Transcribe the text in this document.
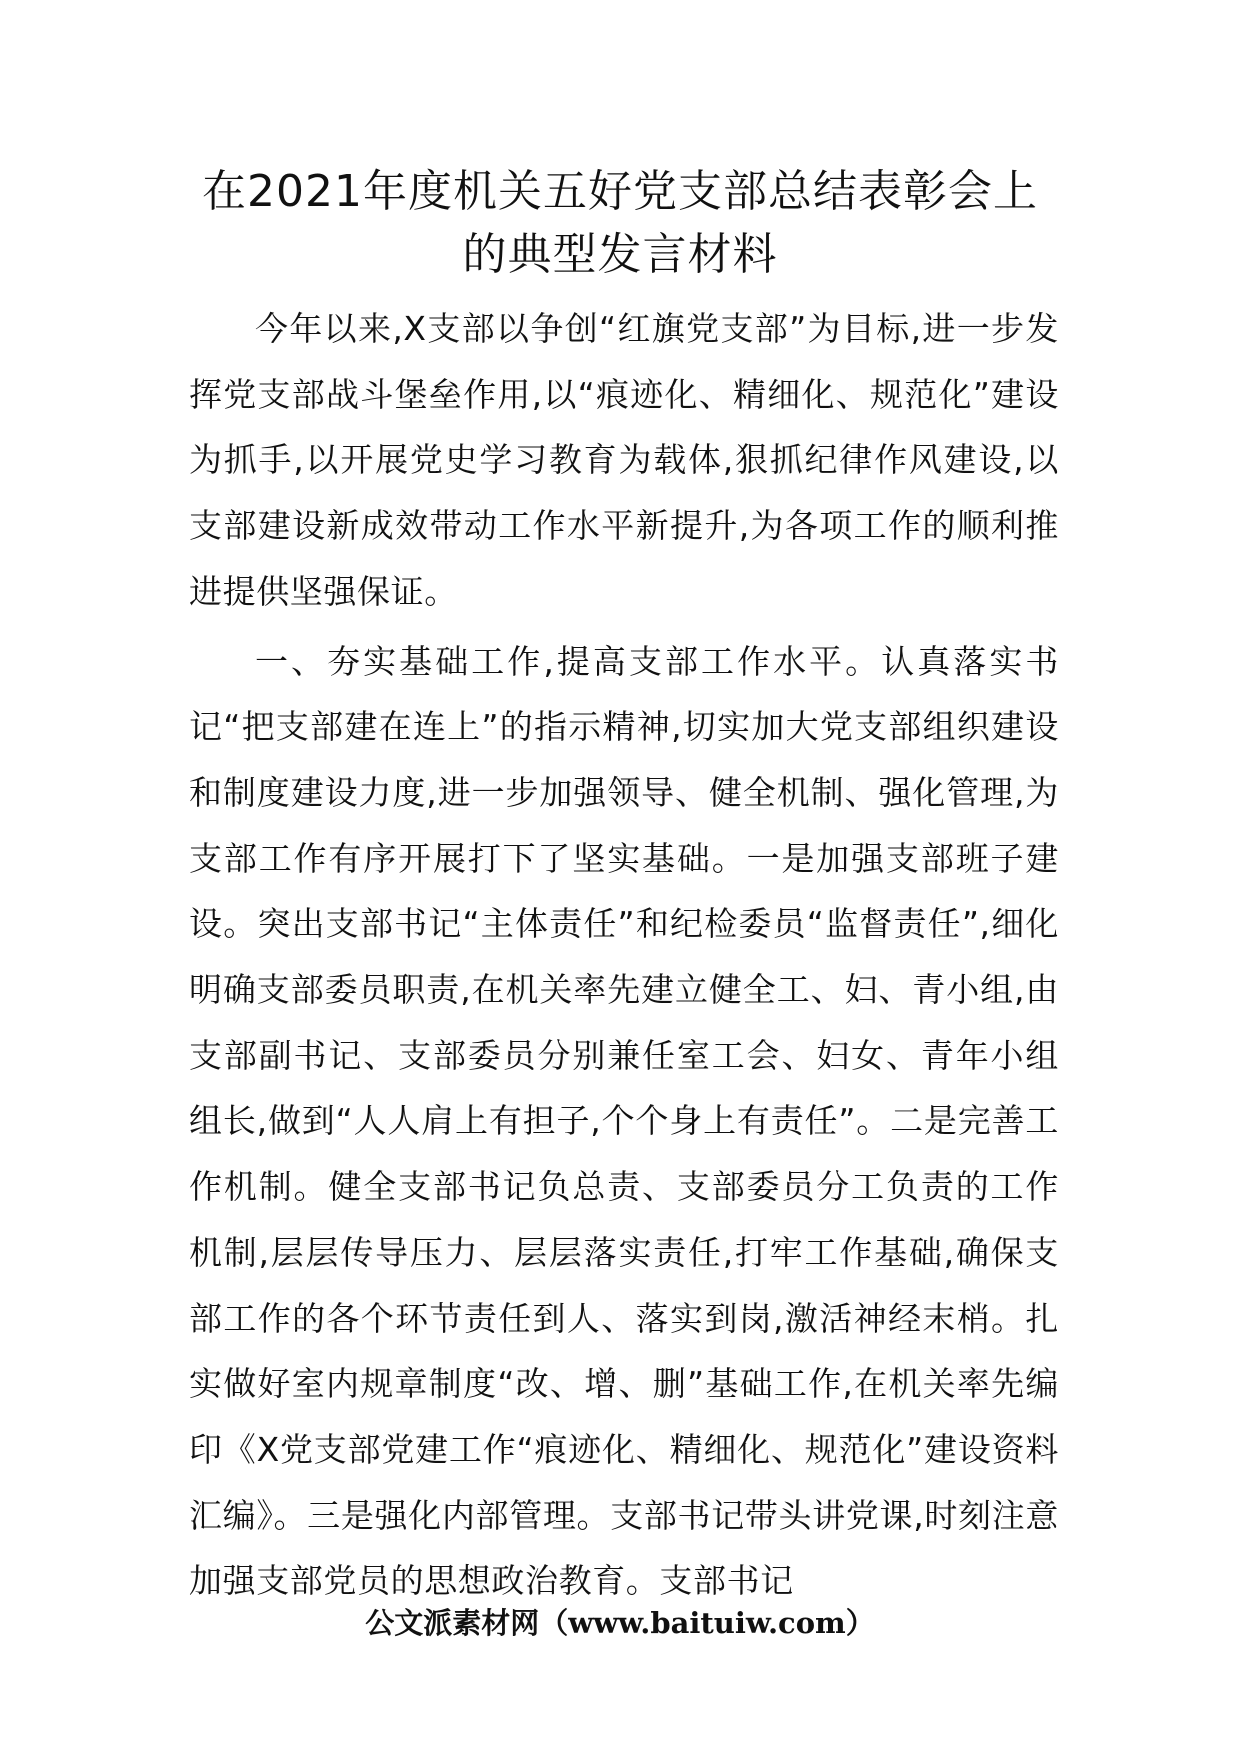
在2021年度机关五好党支部总结表彰会上
的典型发言材料

今年以来,X支部以争创“红旗党支部”为目标,进一步发挥党支部战斗堡垒作用,以“痕迹化、精细化、规范化”建设为抓手,以开展党史学习教育为载体,狠抓纪律作风建设,以支部建设新成效带动工作水平新提升,为各项工作的顺利推进提供坚强保证。

一、夯实基础工作,提高支部工作水平。认真落实书记“把支部建在连上”的指示精神,切实加大党支部组织建设和制度建设力度,进一步加强领导、健全机制、强化管理,为支部工作有序开展打下了坚实基础。一是加强支部班子建设。突出支部书记“主体责任”和纪检委员“监督责任”,细化明确支部委员职责,在机关率先建立健全工、妇、青小组,由支部副书记、支部委员分别兼任室工会、妇女、青年小组组长,做到“人人肩上有担子,个个身上有责任”。二是完善工作机制。健全支部书记负总责、支部委员分工负责的工作机制,层层传导压力、层层落实责任,打牢工作基础,确保支部工作的各个环节责任到人、落实到岗,激活神经末梢。扎实做好室内规章制度“改、增、删”基础工作,在机关率先编印《X党支部党建工作“痕迹化、精细化、规范化”建设资料汇编》。三是强化内部管理。支部书记带头讲党课,时刻注意加强支部党员的思想政治教育。支部书记

公文派素材网（www.baituiw.com）
